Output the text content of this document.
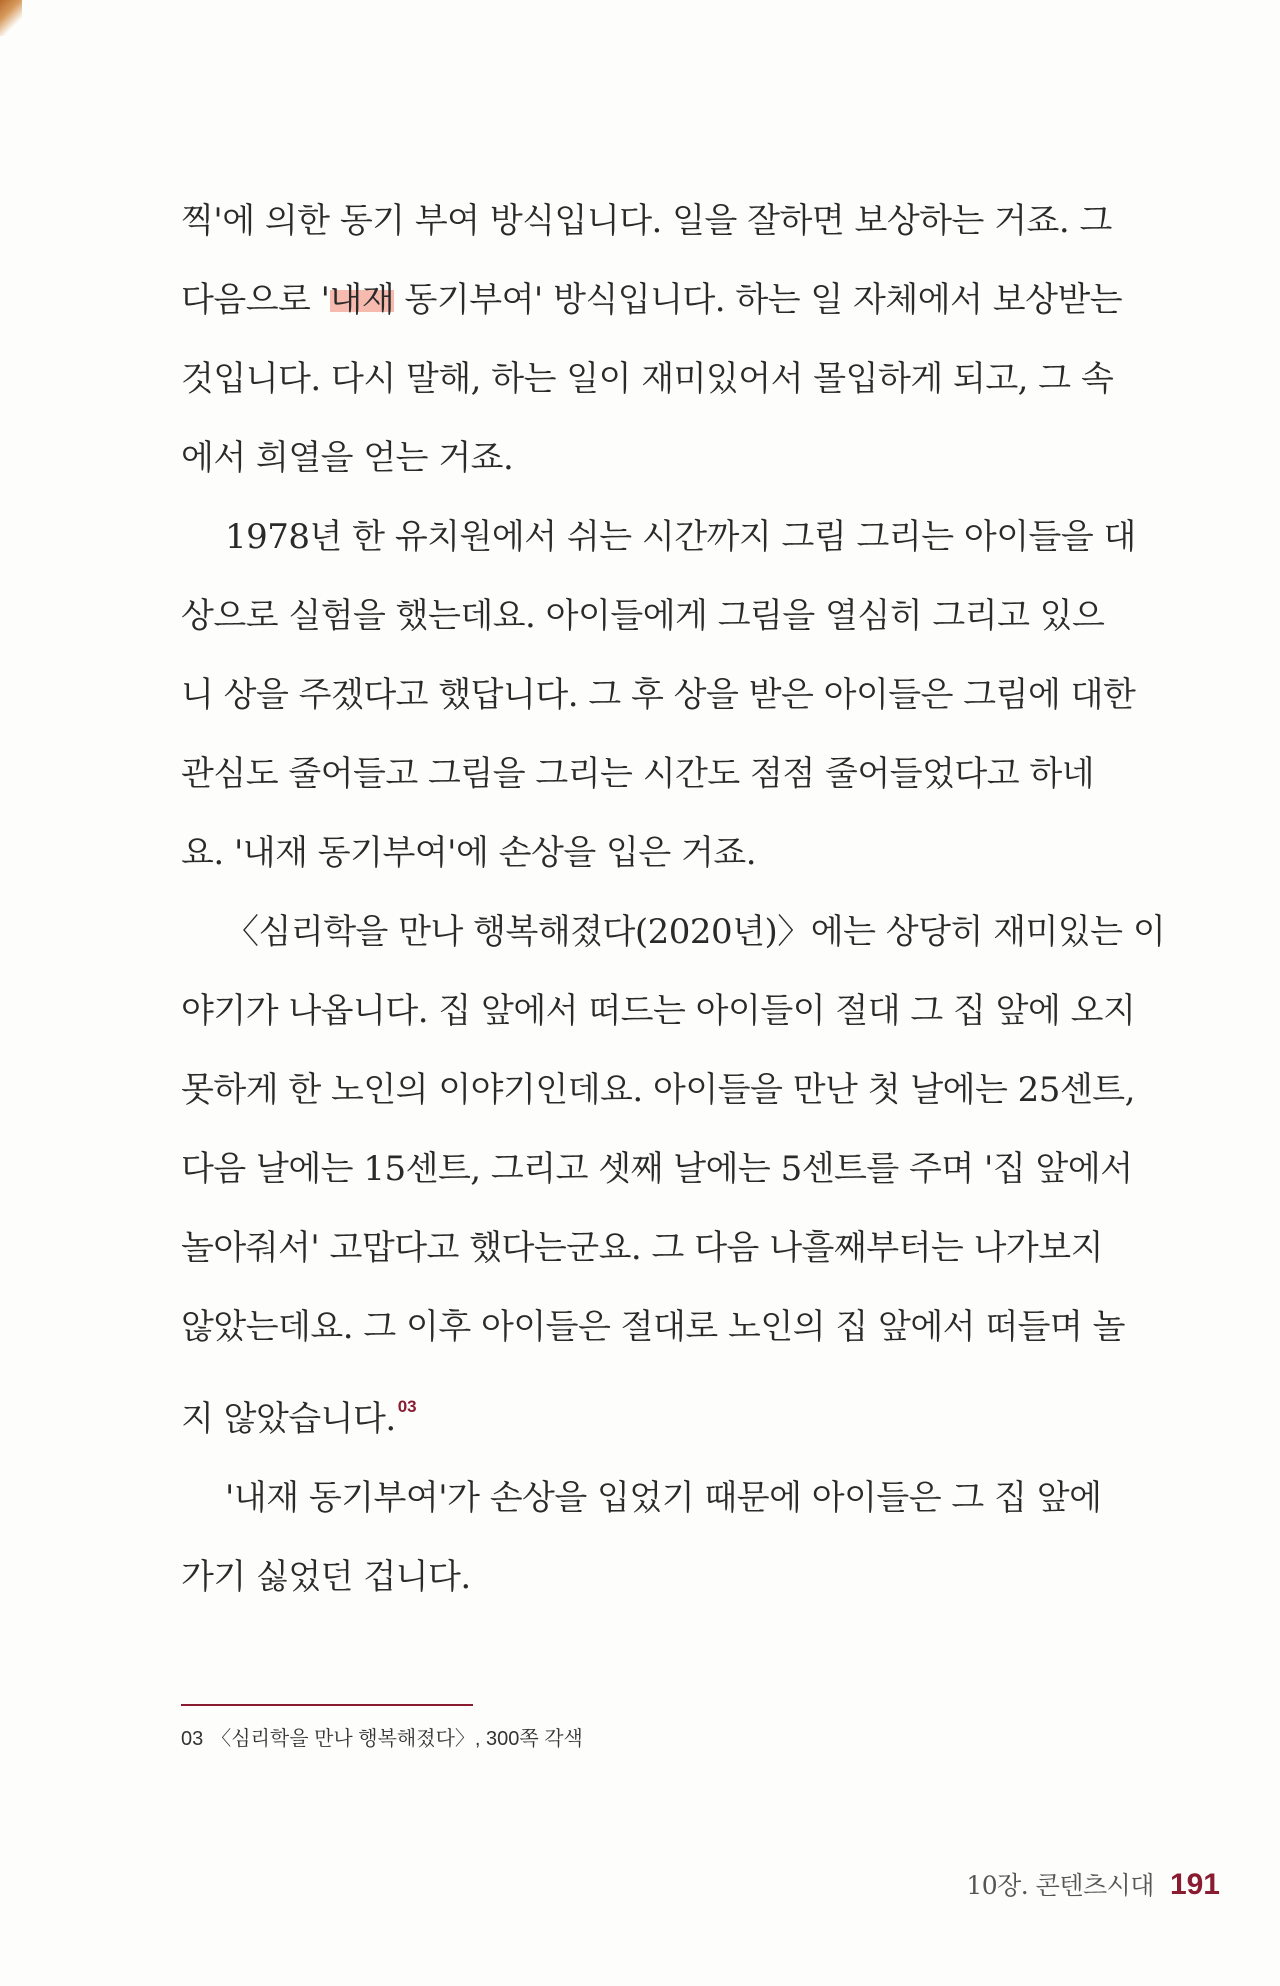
찍'에 의한 동기 부여 방식입니다. 일을 잘하면 보상하는 거죠. 그
다음으로 '내재 동기부여' 방식입니다. 하는 일 자체에서 보상받는
것입니다. 다시 말해, 하는 일이 재미있어서 몰입하게 되고, 그 속
에서 희열을 얻는 거죠.

1978년 한 유치원에서 쉬는 시간까지 그림 그리는 아이들을 대
상으로 실험을 했는데요. 아이들에게 그림을 열심히 그리고 있으
니 상을 주겠다고 했답니다. 그 후 상을 받은 아이들은 그림에 대한
관심도 줄어들고 그림을 그리는 시간도 점점 줄어들었다고 하네
요. '내재 동기부여'에 손상을 입은 거죠.

〈심리학을 만나 행복해졌다(2020년)〉에는 상당히 재미있는 이
야기가 나옵니다. 집 앞에서 떠드는 아이들이 절대 그 집 앞에 오지
못하게 한 노인의 이야기인데요. 아이들을 만난 첫 날에는 25센트,
다음 날에는 15센트, 그리고 셋째 날에는 5센트를 주며 '집 앞에서
놀아줘서' 고맙다고 했다는군요. 그 다음 나흘째부터는 나가보지
않았는데요. 그 이후 아이들은 절대로 노인의 집 앞에서 떠들며 놀
지 않았습니다. $^{03}$

'내재 동기부여'가 손상을 입었기 때문에 아이들은 그 집 앞에
가기 싫었던 겁니다.

03 〈심리학을 만나 행복해졌다〉, 300쪽 각색
10장. 콘텐츠시대 191
